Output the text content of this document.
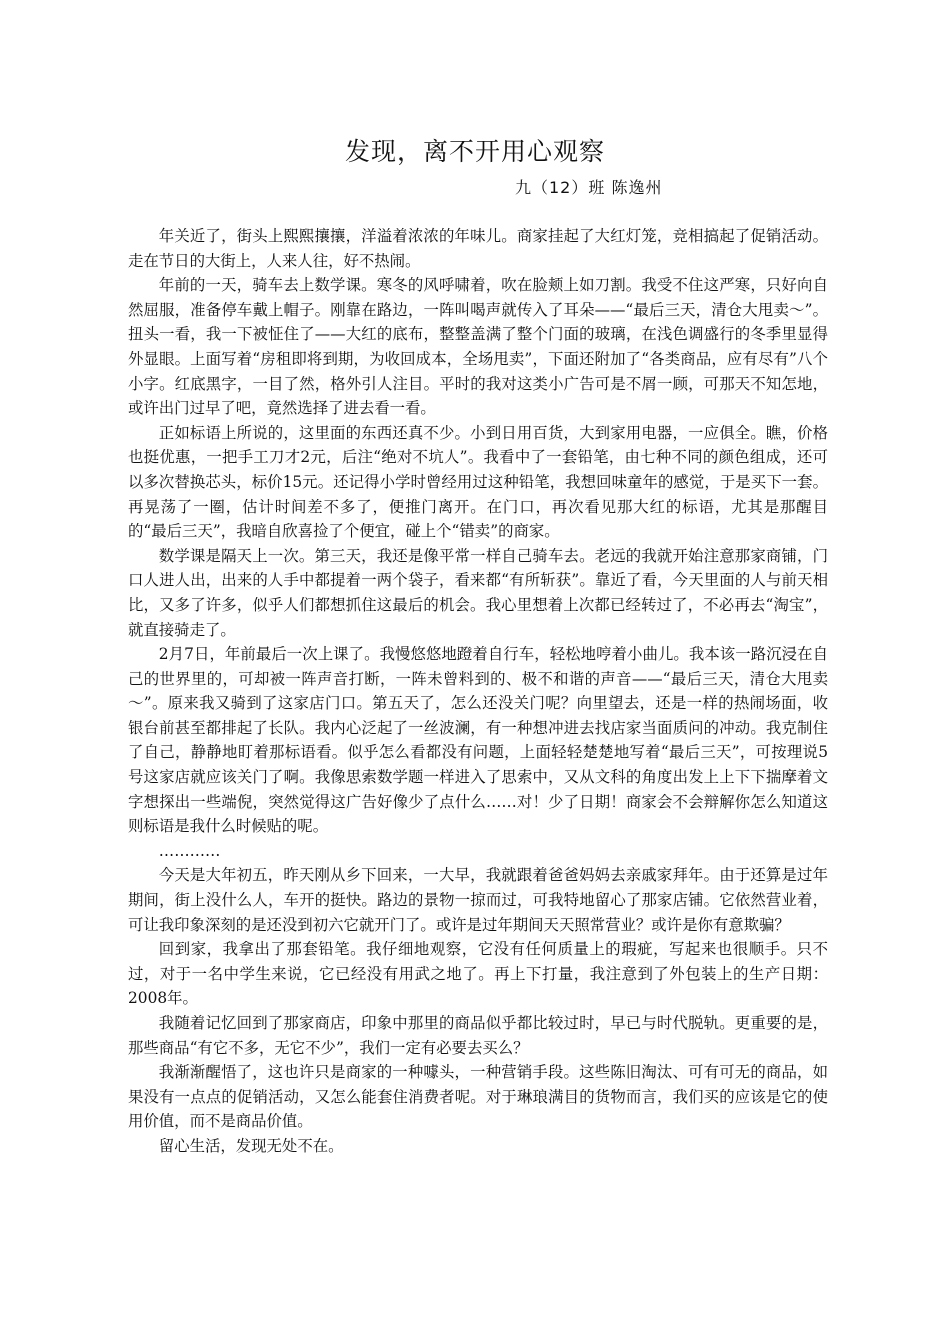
发现，离不开用心观察
九（12）班 陈逸州

年关近了，街头上熙熙攘攘，洋溢着浓浓的年味儿。商家挂起了大红灯笼，竞相搞起了促销活动。走在节日的大街上，人来人往，好不热闹。

年前的一天，骑车去上数学课。寒冬的风呼啸着，吹在脸颊上如刀割。我受不住这严寒，只好向自然屈服，准备停车戴上帽子。刚靠在路边，一阵叫喝声就传入了耳朵——“最后三天，清仓大甩卖～”。扭头一看，我一下被怔住了——大红的底布，整整盖满了整个门面的玻璃，在浅色调盛行的冬季里显得外显眼。上面写着“房租即将到期，为收回成本，全场甩卖”，下面还附加了“各类商品，应有尽有”八个小字。红底黑字，一目了然，格外引人注目。平时的我对这类小广告可是不屑一顾，可那天不知怎地，或许出门过早了吧，竟然选择了进去看一看。

正如标语上所说的，这里面的东西还真不少。小到日用百货，大到家用电器，一应俱全。瞧，价格也挺优惠，一把手工刀才2元，后注“绝对不坑人”。我看中了一套铅笔，由七种不同的颜色组成，还可以多次替换芯头，标价15元。还记得小学时曾经用过这种铅笔，我想回味童年的感觉，于是买下一套。再晃荡了一圈，估计时间差不多了，便推门离开。在门口，再次看见那大红的标语，尤其是那醒目的“最后三天”，我暗自欣喜捡了个便宜，碰上个“错卖”的商家。

数学课是隔天上一次。第三天，我还是像平常一样自己骑车去。老远的我就开始注意那家商铺，门口人进人出，出来的人手中都提着一两个袋子，看来都“有所斩获”。靠近了看，今天里面的人与前天相比，又多了许多，似乎人们都想抓住这最后的机会。我心里想着上次都已经转过了，不必再去“淘宝”，就直接骑走了。

2月7日，年前最后一次上课了。我慢悠悠地蹬着自行车，轻松地哼着小曲儿。我本该一路沉浸在自己的世界里的，可却被一阵声音打断，一阵未曾料到的、极不和谐的声音——“最后三天，清仓大甩卖～”。原来我又骑到了这家店门口。第五天了，怎么还没关门呢？向里望去，还是一样的热闹场面，收银台前甚至都排起了长队。我内心泛起了一丝波澜，有一种想冲进去找店家当面质问的冲动。我克制住了自己，静静地盯着那标语看。似乎怎么看都没有问题，上面轻轻楚楚地写着“最后三天”，可按理说5号这家店就应该关门了啊。我像思索数学题一样进入了思索中，又从文科的角度出发上上下下揣摩着文字想探出一些端倪，突然觉得这广告好像少了点什么……对！少了日期！商家会不会辩解你怎么知道这则标语是我什么时候贴的呢。

…………

今天是大年初五，昨天刚从乡下回来，一大早，我就跟着爸爸妈妈去亲戚家拜年。由于还算是过年期间，街上没什么人，车开的挺快。路边的景物一掠而过，可我特地留心了那家店铺。它依然营业着，可让我印象深刻的是还没到初六它就开门了。或许是过年期间天天照常营业？或许是你有意欺骗？

回到家，我拿出了那套铅笔。我仔细地观察，它没有任何质量上的瑕疵，写起来也很顺手。只不过，对于一名中学生来说，它已经没有用武之地了。再上下打量，我注意到了外包装上的生产日期：2008年。

我随着记忆回到了那家商店，印象中那里的商品似乎都比较过时，早已与时代脱轨。更重要的是，那些商品“有它不多，无它不少”，我们一定有必要去买么？

我渐渐醒悟了，这也许只是商家的一种噱头，一种营销手段。这些陈旧淘汰、可有可无的商品，如果没有一点点的促销活动，又怎么能套住消费者呢。对于琳琅满目的货物而言，我们买的应该是它的使用价值，而不是商品价值。

留心生活，发现无处不在。
